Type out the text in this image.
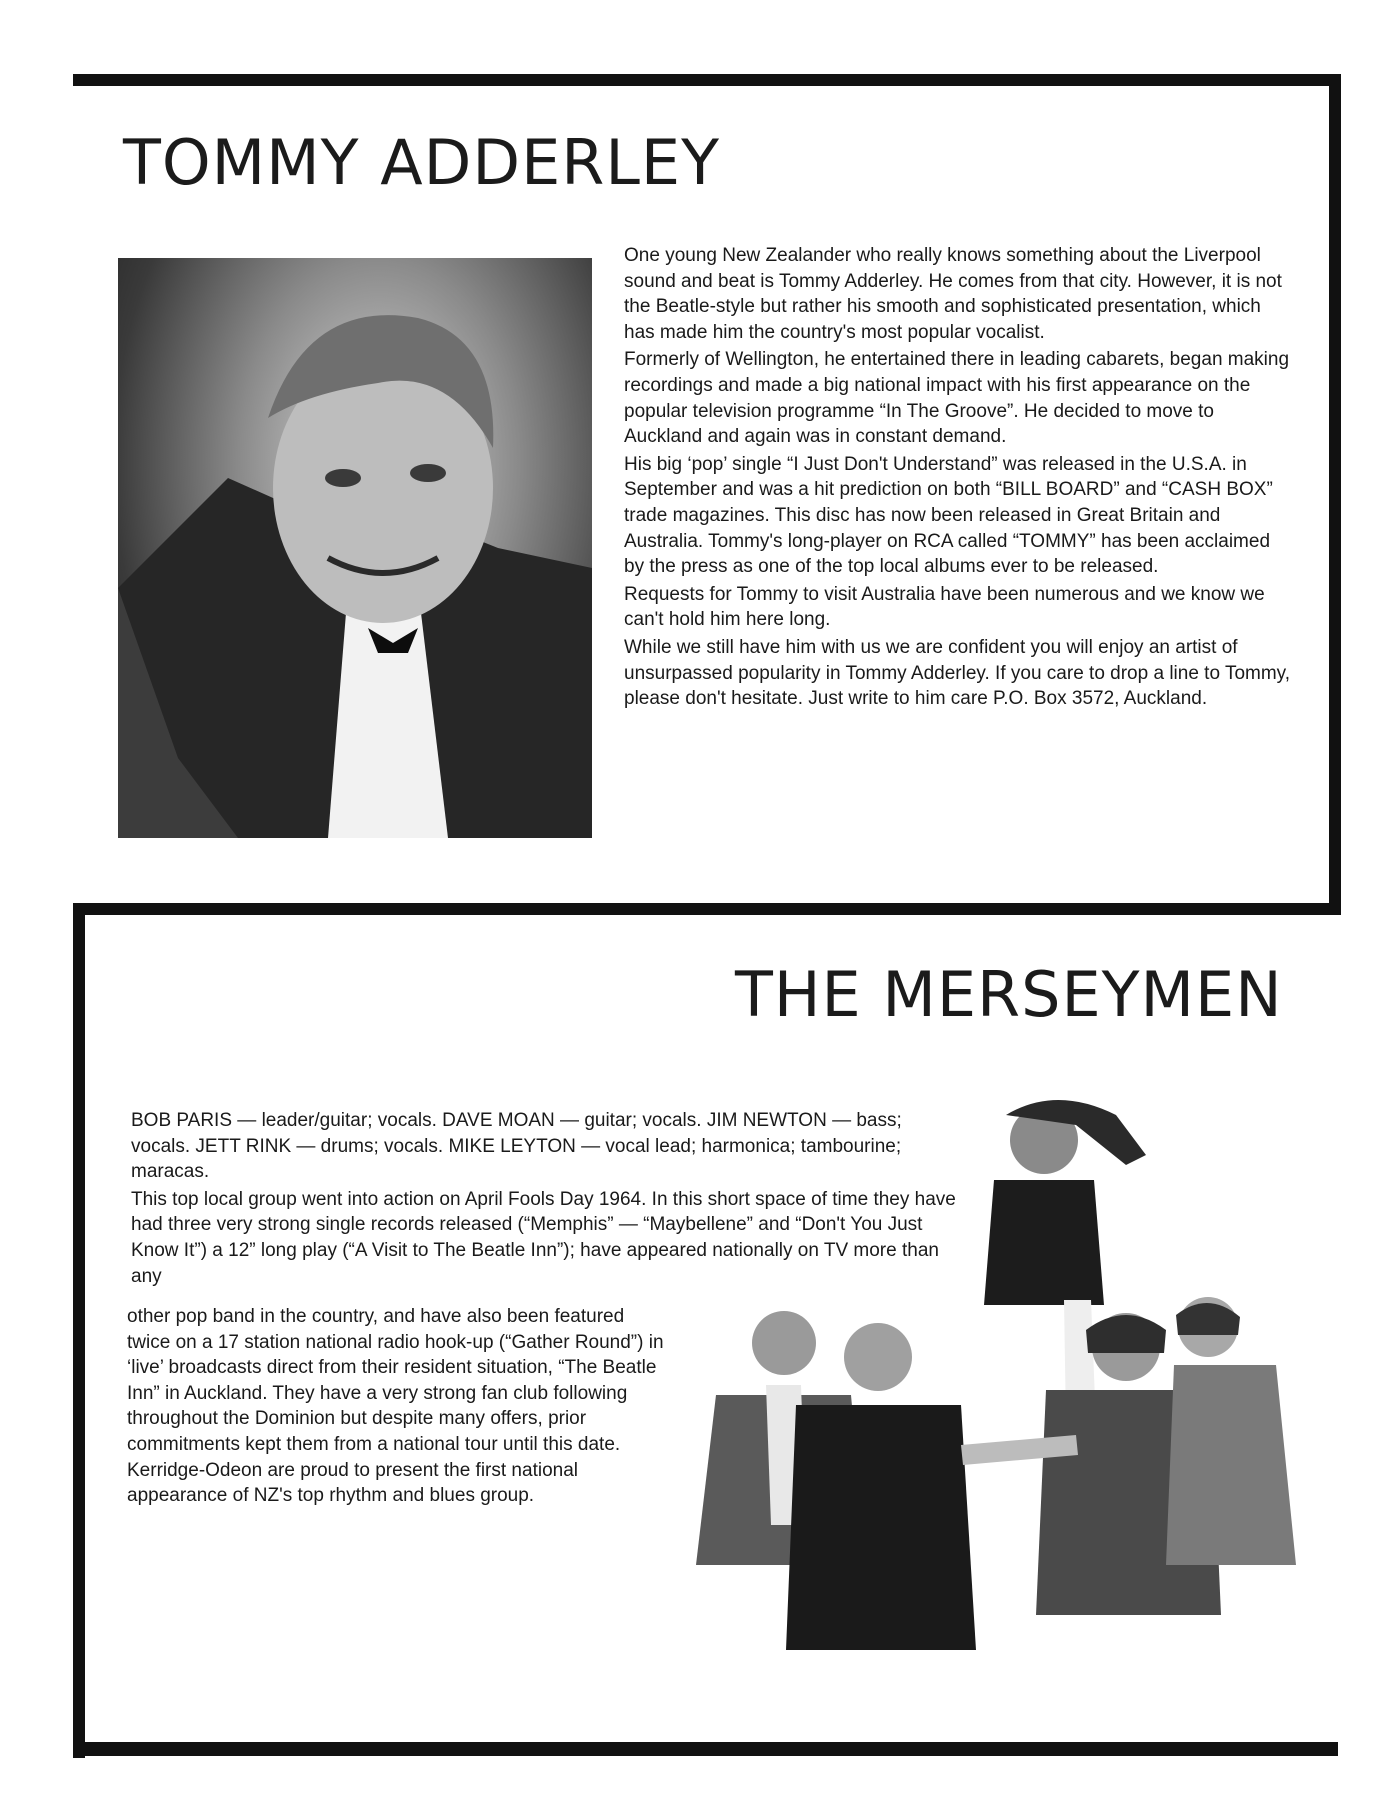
TOMMY ADDERLEY

One young New Zealander who really knows something about the Liverpool sound and beat is Tommy Adderley. He comes from that city. However, it is not the Beatle-style but rather his smooth and sophisticated presentation, which has made him the country's most popular vocalist.

Formerly of Wellington, he entertained there in leading cabarets, began making recordings and made a big national impact with his first appearance on the popular television programme “In The Groove”. He decided to move to Auckland and again was in constant demand.

His big ‘pop’ single “I Just Don't Understand” was released in the U.S.A. in September and was a hit prediction on both “BILL BOARD” and “CASH BOX” trade magazines. This disc has now been released in Great Britain and Australia. Tommy's long-player on RCA called “TOMMY” has been acclaimed by the press as one of the top local albums ever to be released.

Requests for Tommy to visit Australia have been numerous and we know we can't hold him here long.

While we still have him with us we are confident you will enjoy an artist of unsurpassed popularity in Tommy Adderley. If you care to drop a line to Tommy, please don't hesitate. Just write to him care P.O. Box 3572, Auckland.

THE MERSEYMEN

BOB PARIS — leader/guitar; vocals. DAVE MOAN — guitar; vocals. JIM NEWTON — bass; vocals. JETT RINK — drums; vocals. MIKE LEYTON — vocal lead; harmonica; tambourine; maracas.

This top local group went into action on April Fools Day 1964. In this short space of time they have had three very strong single records released (“Memphis” — “Maybellene” and “Don't You Just Know It”) a 12” long play (“A Visit to The Beatle Inn”); have appeared nationally on TV more than any

other pop band in the country, and have also been featured twice on a 17 station national radio hook-up (“Gather Round”) in ‘live’ broadcasts direct from their resident situation, “The Beatle Inn” in Auckland. They have a very strong fan club following throughout the Dominion but despite many offers, prior commitments kept them from a national tour until this date. Kerridge-Odeon are proud to present the first national appearance of NZ's top rhythm and blues group.
